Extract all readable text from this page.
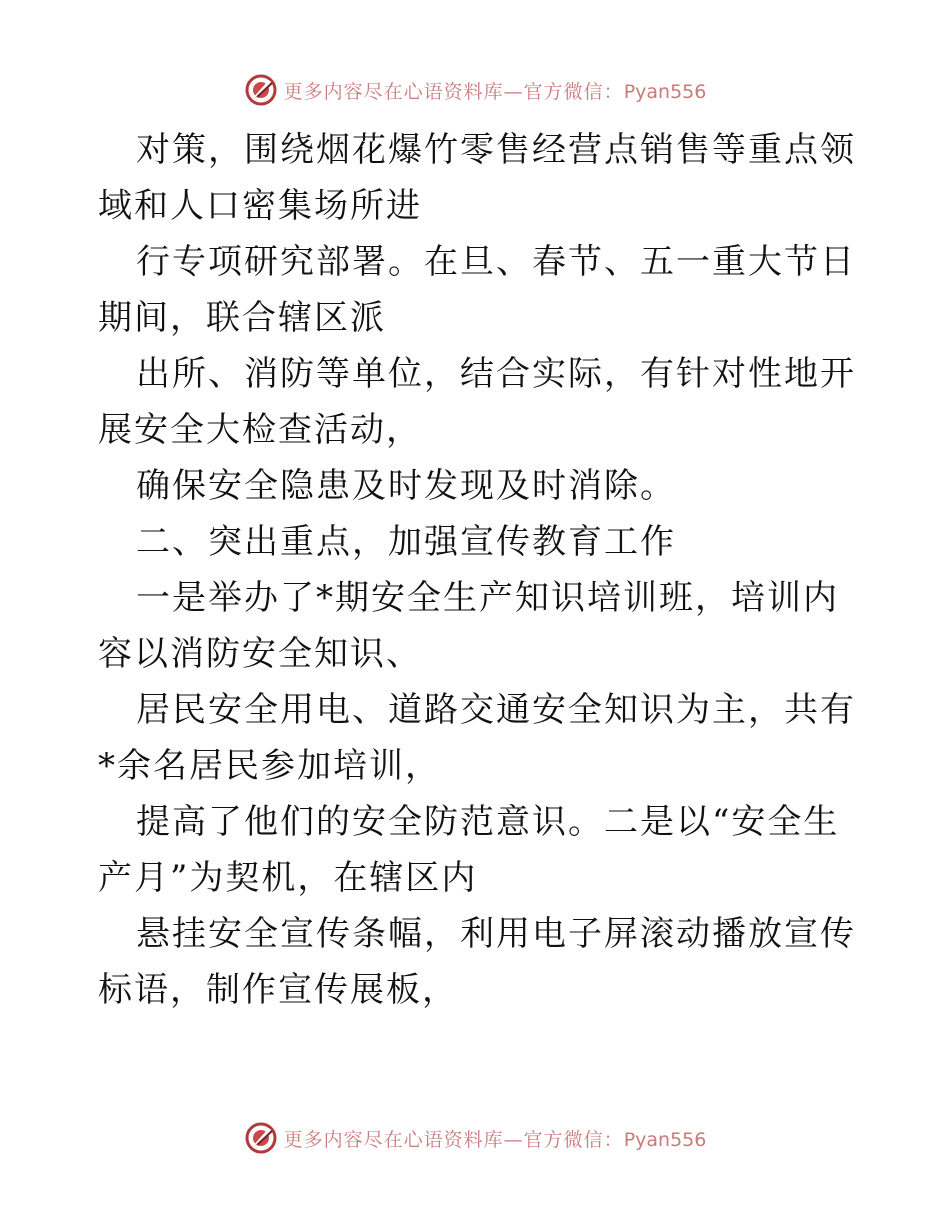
更多内容尽在心语资料库—官方微信：Pyan556

对策，围绕烟花爆竹零售经营点销售等重点领域和人口密集场所进

行专项研究部署。在旦、春节、五一重大节日期间，联合辖区派

出所、消防等单位，结合实际，有针对性地开展安全大检查活动，

确保安全隐患及时发现及时消除。

二、突出重点，加强宣传教育工作

一是举办了*期安全生产知识培训班，培训内容以消防安全知识、

居民安全用电、道路交通安全知识为主，共有*余名居民参加培训，

提高了他们的安全防范意识。二是以“安全生产月”为契机，在辖区内

悬挂安全宣传条幅，利用电子屏滚动播放宣传标语，制作宣传展板，

更多内容尽在心语资料库—官方微信：Pyan556
